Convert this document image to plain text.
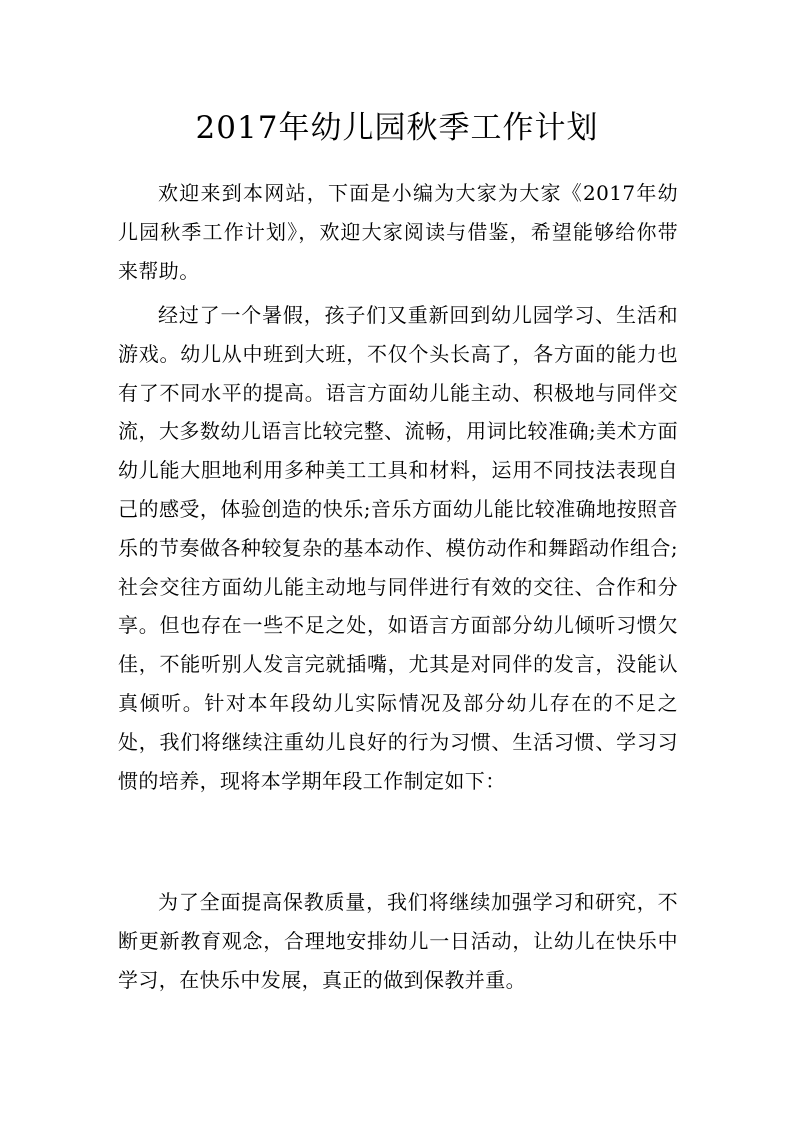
2017年幼儿园秋季工作计划

欢迎来到本网站，下面是小编为大家为大家《2017年幼儿园秋季工作计划》，欢迎大家阅读与借鉴，希望能够给你带来帮助。

经过了一个暑假，孩子们又重新回到幼儿园学习、生活和游戏。幼儿从中班到大班，不仅个头长高了，各方面的能力也有了不同水平的提高。语言方面幼儿能主动、积极地与同伴交流，大多数幼儿语言比较完整、流畅，用词比较准确;美术方面幼儿能大胆地利用多种美工工具和材料，运用不同技法表现自己的感受，体验创造的快乐;音乐方面幼儿能比较准确地按照音乐的节奏做各种较复杂的基本动作、模仿动作和舞蹈动作组合;社会交往方面幼儿能主动地与同伴进行有效的交往、合作和分享。但也存在一些不足之处，如语言方面部分幼儿倾听习惯欠佳，不能听别人发言完就插嘴，尤其是对同伴的发言，没能认真倾听。针对本年段幼儿实际情况及部分幼儿存在的不足之处，我们将继续注重幼儿良好的行为习惯、生活习惯、学习习惯的培养，现将本学期年段工作制定如下：

为了全面提高保教质量，我们将继续加强学习和研究，不断更新教育观念，合理地安排幼儿一日活动，让幼儿在快乐中学习，在快乐中发展，真正的做到保教并重。
